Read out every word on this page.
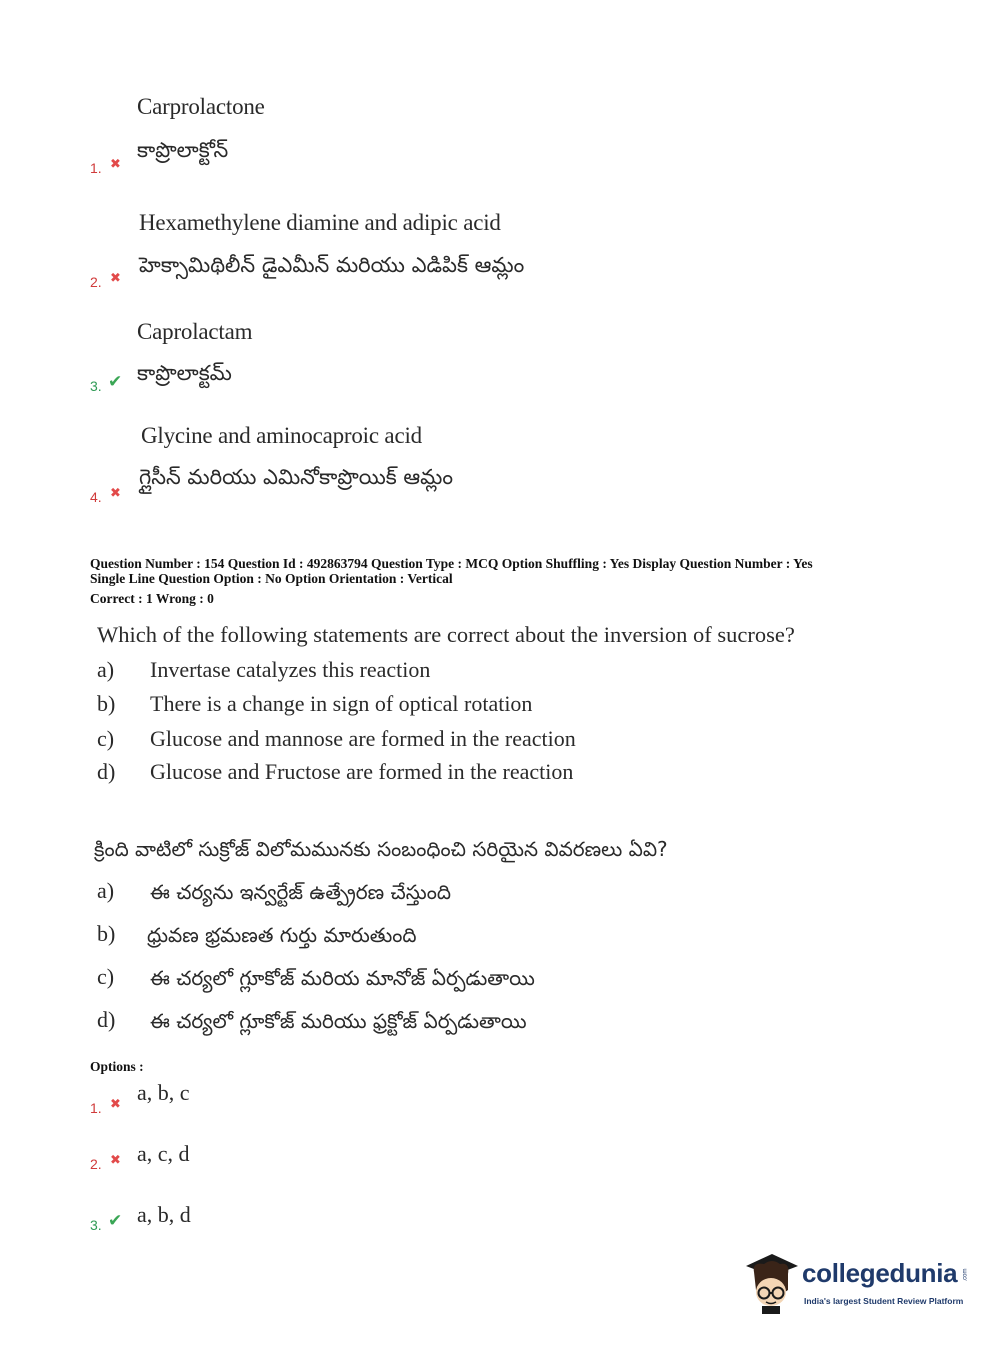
Carprolactone
కాప్రొలాక్టోన్
1. ✖
Hexamethylene diamine and adipic acid
హెక్సామిథిలీన్ డైఎమీన్ మరియు ఎడిపిక్ ఆమ్లం
2. ✖
Caprolactam
కాప్రొలాక్టమ్
3. ✔
Glycine and aminocaproic acid
గ్లైసీన్ మరియు ఎమినోకాప్రొయిక్ ఆమ్లం
4. ✖
Question Number : 154 Question Id : 492863794 Question Type : MCQ Option Shuffling : Yes Display Question Number : Yes
Single Line Question Option : No Option Orientation : Vertical
Correct : 1 Wrong : 0
Which of the following statements are correct about the inversion of sucrose?
a) Invertase catalyzes this reaction
b) There is a change in sign of optical rotation
c) Glucose and mannose are formed in the reaction
d) Glucose and Fructose are formed in the reaction
క్రింది వాటిలో సుక్రోజ్ విలోమమునకు సంబంధించి సరియైన వివరణలు ఏవి?
a) ఈ చర్యను ఇన్వర్టేజ్ ఉత్ప్రేరణ చేస్తుంది
b) ధ్రువణ భ్రమణత గుర్తు మారుతుంది
c) ఈ చర్యలో గ్లూకోజ్ మరియ మానోజ్ ఏర్పడుతాయి
d) ఈ చర్యలో గ్లూకోజ్ మరియు ఫ్రక్టోజ్ ఏర్పడుతాయి
Options :
1. ✖ a, b, c
2. ✖ a, c, d
3. ✔ a, b, d
collegedunia .com
India's largest Student Review Platform
